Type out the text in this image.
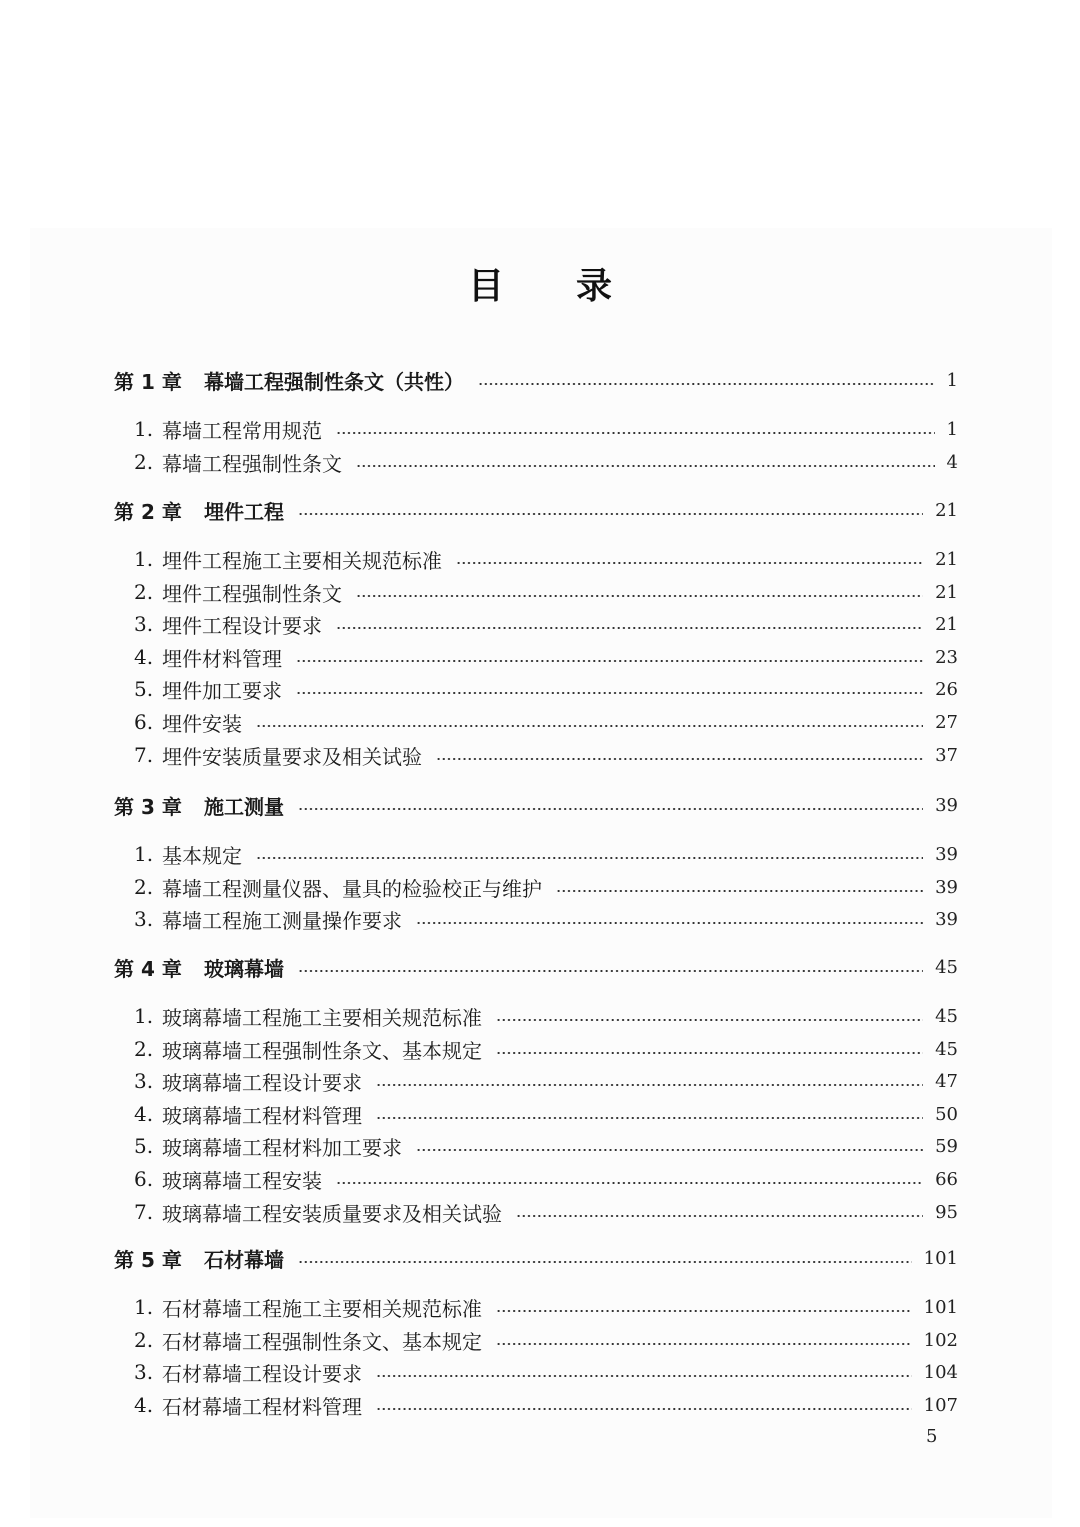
目录
第 1 章	幕墙工程强制性条文（共性）	1
1. 幕墙工程常用规范	1
2. 幕墙工程强制性条文	4
第 2 章	埋件工程	21
1. 埋件工程施工主要相关规范标准	21
2. 埋件工程强制性条文	21
3. 埋件工程设计要求	21
4. 埋件材料管理	23
5. 埋件加工要求	26
6. 埋件安装	27
7. 埋件安装质量要求及相关试验	37
第 3 章	施工测量	39
1. 基本规定	39
2. 幕墙工程测量仪器、量具的检验校正与维护	39
3. 幕墙工程施工测量操作要求	39
第 4 章	玻璃幕墙	45
1. 玻璃幕墙工程施工主要相关规范标准	45
2. 玻璃幕墙工程强制性条文、基本规定	45
3. 玻璃幕墙工程设计要求	47
4. 玻璃幕墙工程材料管理	50
5. 玻璃幕墙工程材料加工要求	59
6. 玻璃幕墙工程安装	66
7. 玻璃幕墙工程安装质量要求及相关试验	95
第 5 章	石材幕墙	101
1. 石材幕墙工程施工主要相关规范标准	101
2. 石材幕墙工程强制性条文、基本规定	102
3. 石材幕墙工程设计要求	104
4. 石材幕墙工程材料管理	107
5
